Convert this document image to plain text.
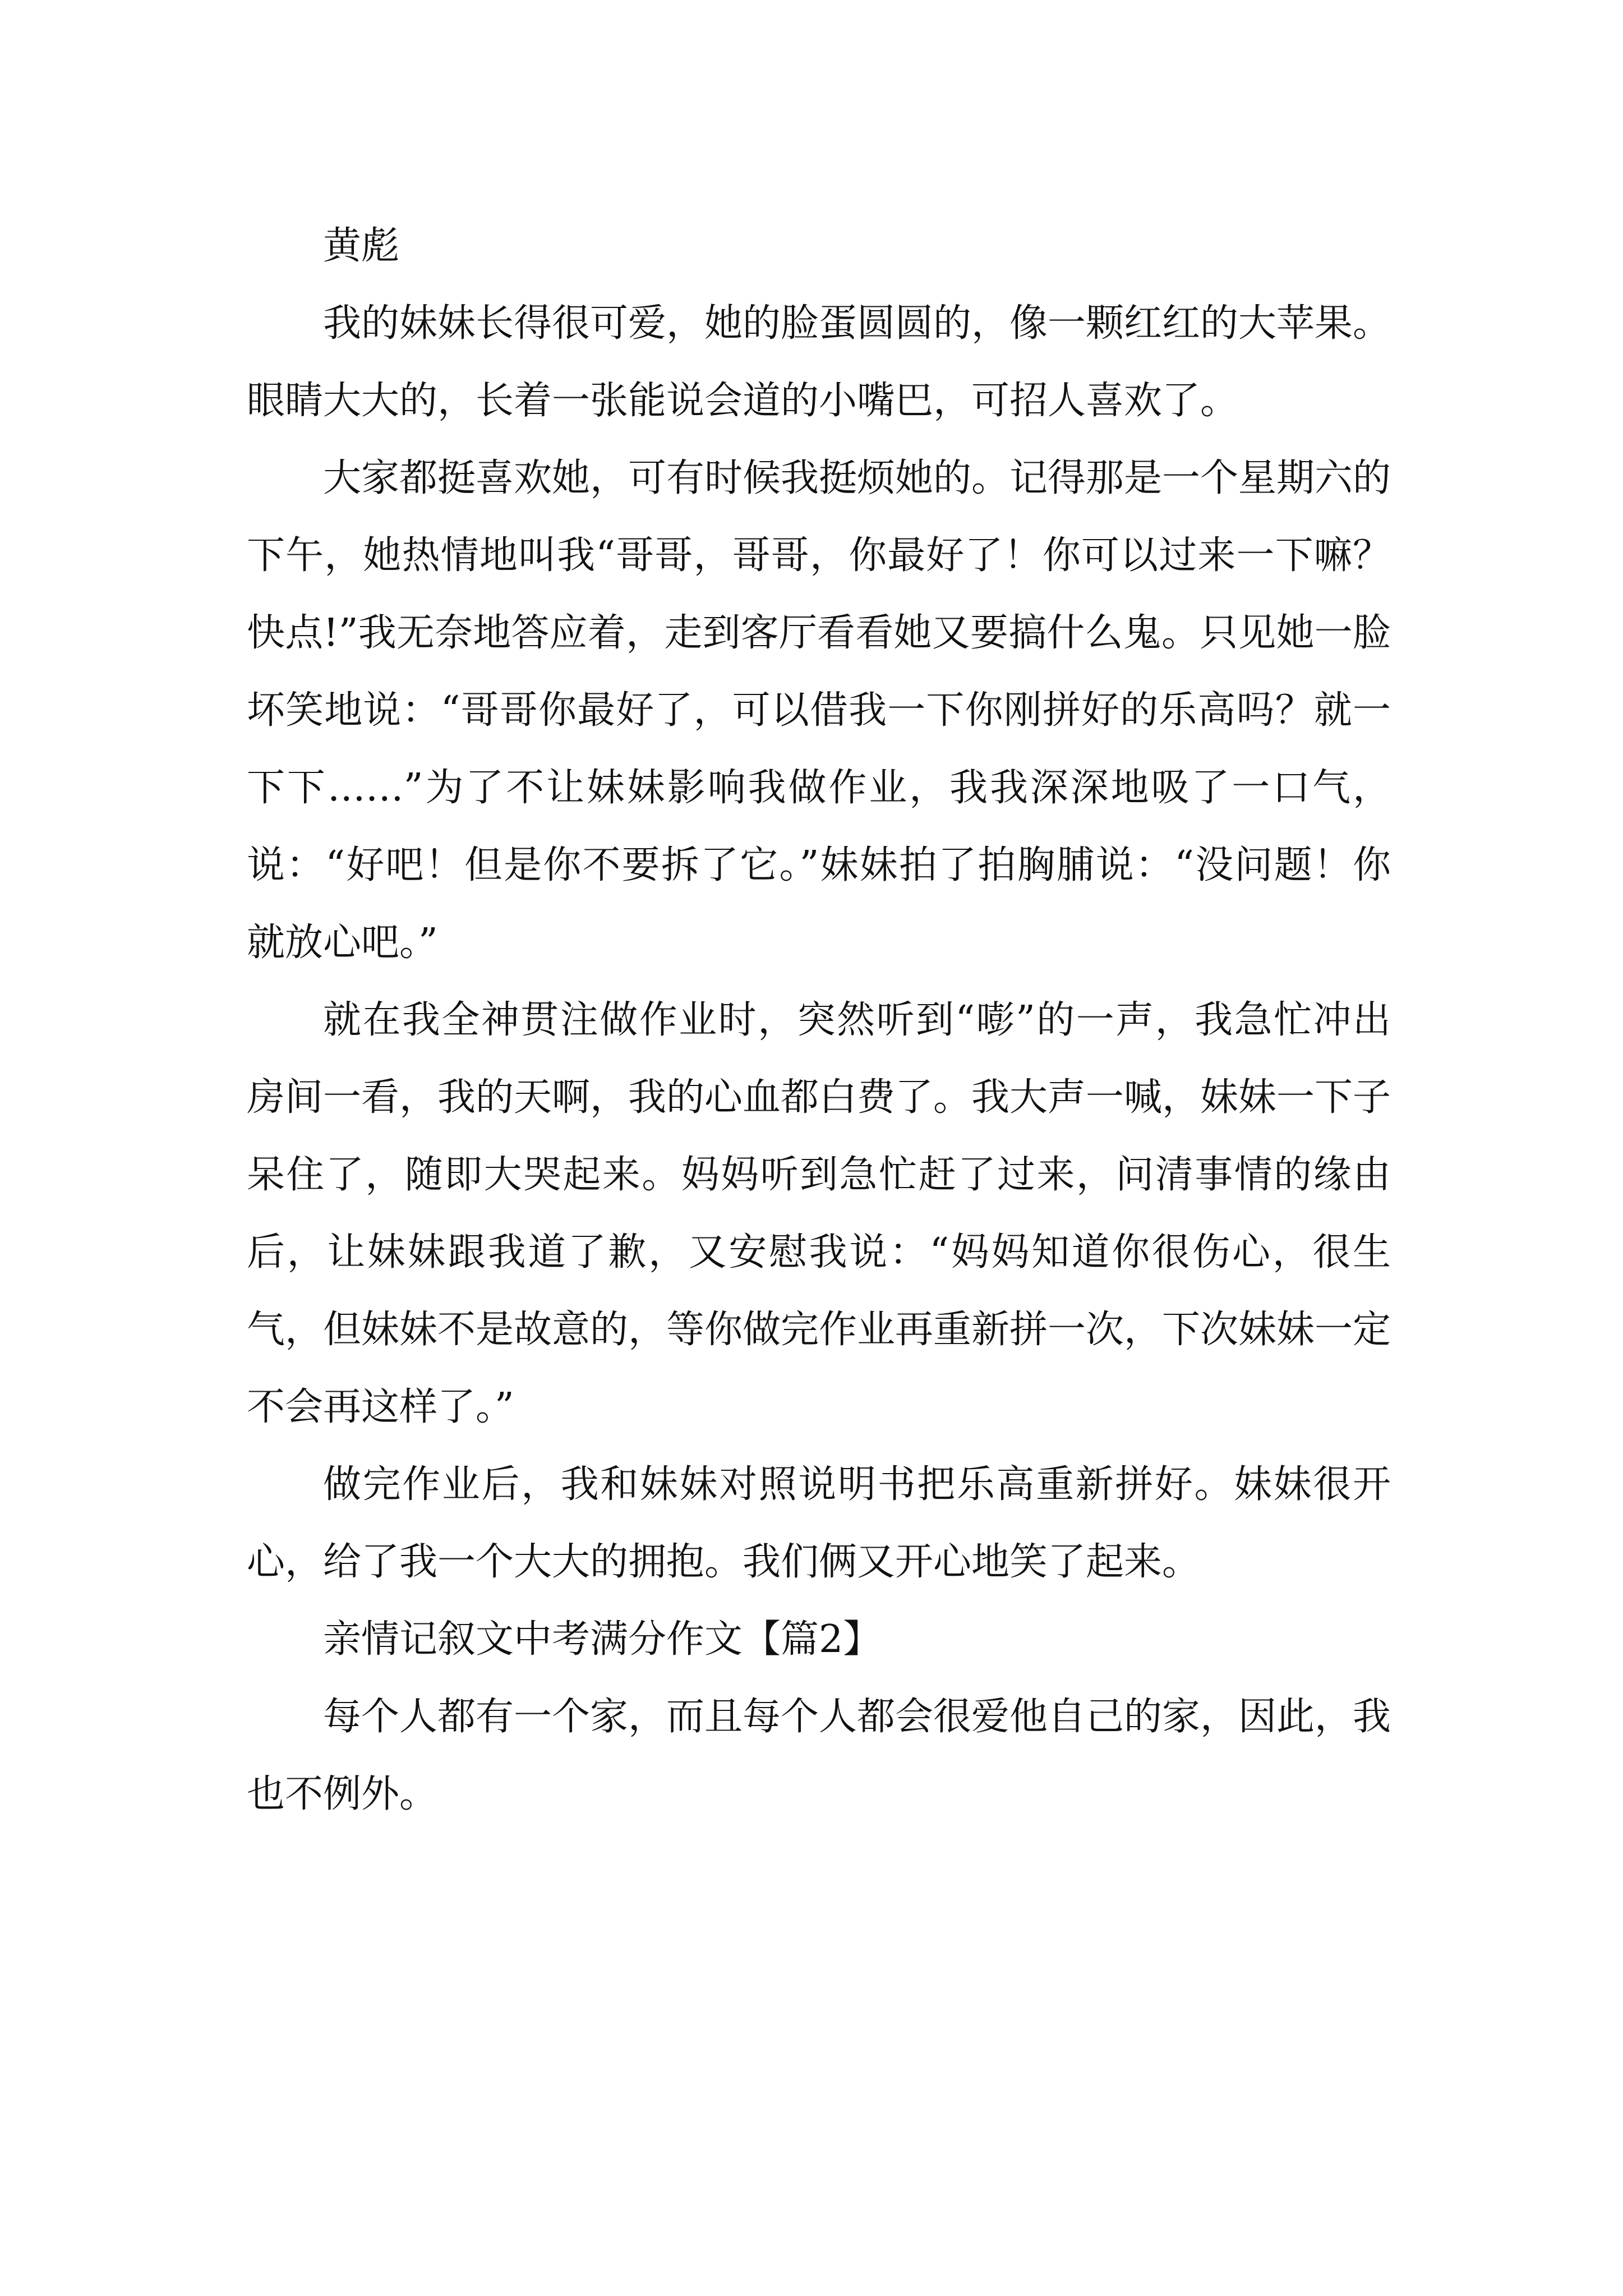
黄彪

我的妹妹长得很可爱，她的脸蛋圆圆的，像一颗红红的大苹果。眼睛大大的，长着一张能说会道的小嘴巴，可招人喜欢了。

大家都挺喜欢她，可有时候我挺烦她的。记得那是一个星期六的下午，她热情地叫我“哥哥，哥哥，你最好了！你可以过来一下嘛？快点!”我无奈地答应着，走到客厅看看她又要搞什么鬼。只见她一脸坏笑地说：“哥哥你最好了，可以借我一下你刚拼好的乐高吗？就一下下……”为了不让妹妹影响我做作业，我我深深地吸了一口气，说：“好吧！但是你不要拆了它。”妹妹拍了拍胸脯说：“没问题！你就放心吧。”

就在我全神贯注做作业时，突然听到“嘭”的一声，我急忙冲出房间一看，我的天啊，我的心血都白费了。我大声一喊，妹妹一下子呆住了，随即大哭起来。妈妈听到急忙赶了过来，问清事情的缘由后，让妹妹跟我道了歉，又安慰我说：“妈妈知道你很伤心，很生气，但妹妹不是故意的，等你做完作业再重新拼一次，下次妹妹一定不会再这样了。”

做完作业后，我和妹妹对照说明书把乐高重新拼好。妹妹很开心，给了我一个大大的拥抱。我们俩又开心地笑了起来。

亲情记叙文中考满分作文【篇2】

每个人都有一个家，而且每个人都会很爱他自己的家，因此，我也不例外。
